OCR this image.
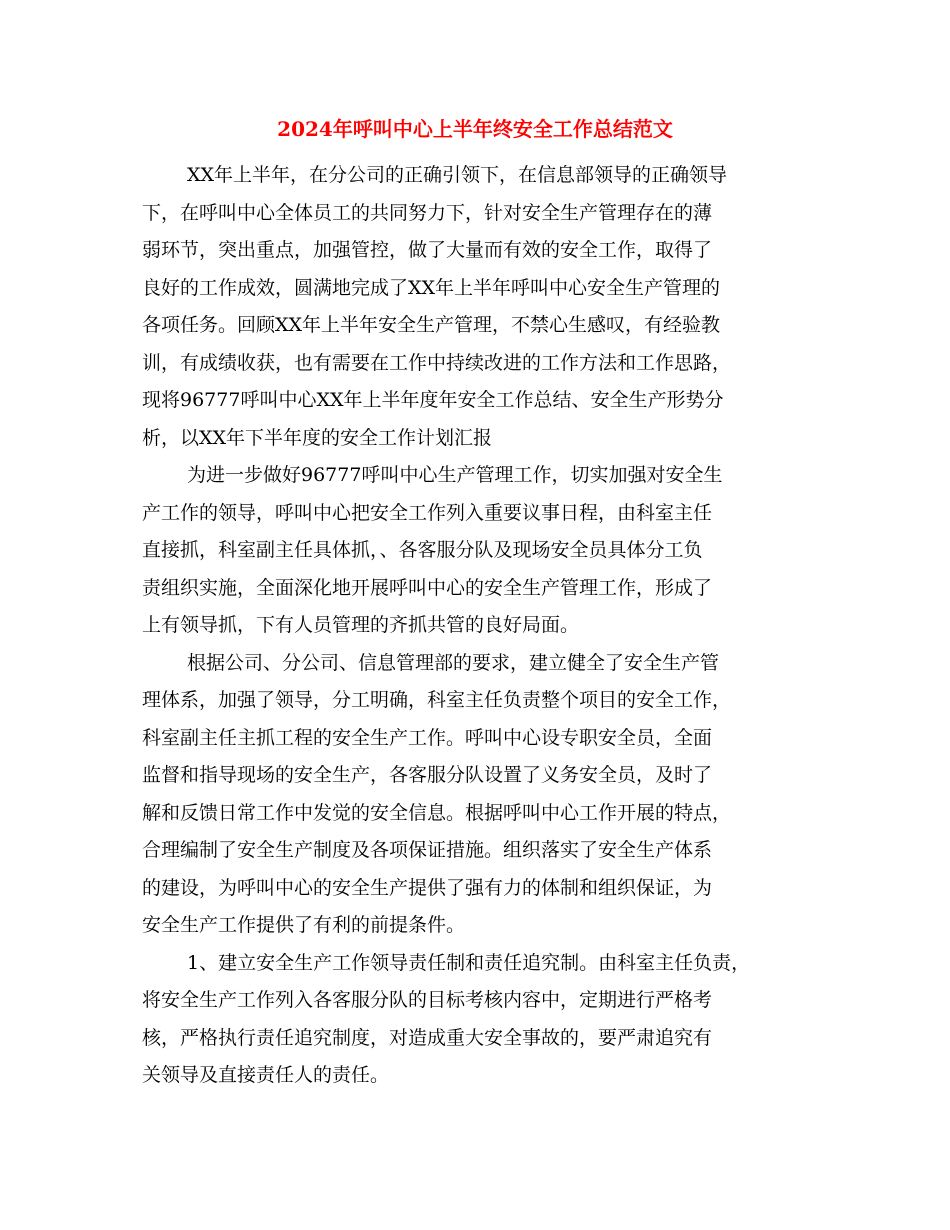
2024年呼叫中心上半年终安全工作总结范文
XX年上半年，在分公司的正确引领下，在信息部领导的正确领导
下，在呼叫中心全体员工的共同努力下，针对安全生产管理存在的薄
弱环节，突出重点，加强管控，做了大量而有效的安全工作，取得了
良好的工作成效，圆满地完成了XX年上半年呼叫中心安全生产管理的
各项任务。回顾XX年上半年安全生产管理，不禁心生感叹，有经验教
训，有成绩收获，也有需要在工作中持续改进的工作方法和工作思路，
现将96777呼叫中心XX年上半年度年安全工作总结、安全生产形势分
析，以XX年下半年度的安全工作计划汇报
为进一步做好96777呼叫中心生产管理工作，切实加强对安全生
产工作的领导，呼叫中心把安全工作列入重要议事日程，由科室主任
直接抓，科室副主任具体抓，、各客服分队及现场安全员具体分工负
责组织实施，全面深化地开展呼叫中心的安全生产管理工作，形成了
上有领导抓，下有人员管理的齐抓共管的良好局面。
根据公司、分公司、信息管理部的要求，建立健全了安全生产管
理体系，加强了领导，分工明确，科室主任负责整个项目的安全工作，
科室副主任主抓工程的安全生产工作。呼叫中心设专职安全员，全面
监督和指导现场的安全生产，各客服分队设置了义务安全员，及时了
解和反馈日常工作中发觉的安全信息。根据呼叫中心工作开展的特点，
合理编制了安全生产制度及各项保证措施。组织落实了安全生产体系
的建设，为呼叫中心的安全生产提供了强有力的体制和组织保证，为
安全生产工作提供了有利的前提条件。
1、建立安全生产工作领导责任制和责任追究制。由科室主任负责，
将安全生产工作列入各客服分队的目标考核内容中，定期进行严格考
核，严格执行责任追究制度，对造成重大安全事故的，要严肃追究有
关领导及直接责任人的责任。
